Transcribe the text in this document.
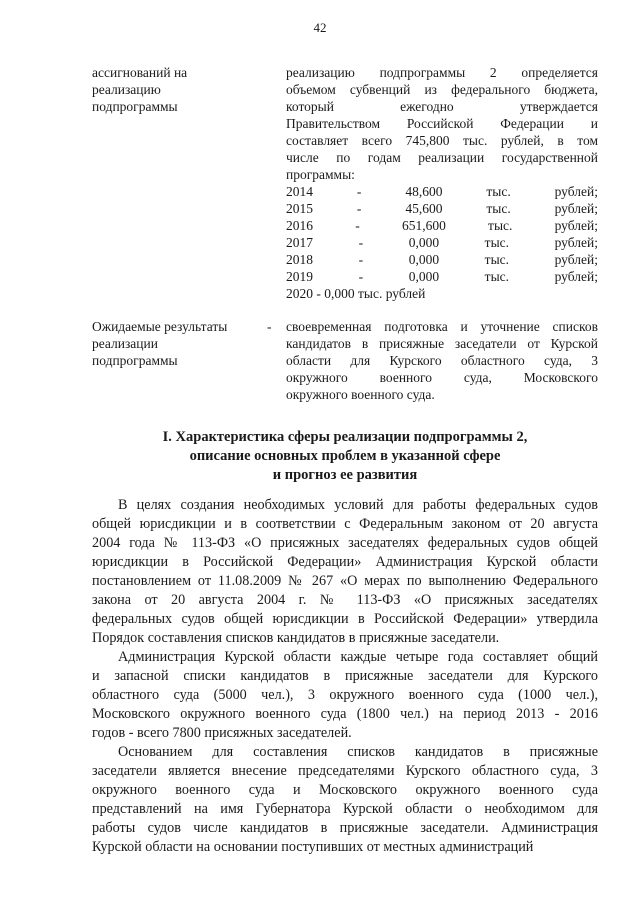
42
ассигнований на
реализацию
подпрограммы
реализацию подпрограммы 2 определяется
объемом субвенций из федерального бюджета,
который ежегодно утверждается
Правительством Российской Федерации и
составляет всего 745,800 тыс. рублей, в том
числе по годам реализации государственной
программы:
2014 - 48,600 тыс. рублей;
2015 - 45,600 тыс. рублей;
2016 - 651,600 тыс. рублей;
2017 - 0,000 тыс. рублей;
2018 - 0,000 тыс. рублей;
2019 - 0,000 тыс. рублей;
2020 - 0,000 тыс. рублей
Ожидаемые результаты
реализации
подпрограммы
- своевременная подготовка и уточнение списков
кандидатов в присяжные заседатели от Курской
области для Курского областного суда, 3
окружного военного суда, Московского
окружного военного суда.
I. Характеристика сферы реализации подпрограммы 2,
описание основных проблем в указанной сфере
и прогноз ее развития

В целях создания необходимых условий для работы федеральных судов
общей юрисдикции и в соответствии с Федеральным законом от 20 августа
2004 года № 113-ФЗ «О присяжных заседателях федеральных судов общей
юрисдикции в Российской Федерации» Администрация Курской области
постановлением от 11.08.2009 № 267 «О мерах по выполнению Федерального
закона от 20 августа 2004 г. № 113-ФЗ «О присяжных заседателях
федеральных судов общей юрисдикции в Российской Федерации» утвердила
Порядок составления списков кандидатов в присяжные заседатели.

Администрация Курской области каждые четыре года составляет общий
и запасной списки кандидатов в присяжные заседатели для Курского
областного суда (5000 чел.), 3 окружного военного суда (1000 чел.),
Московского окружного военного суда (1800 чел.) на период 2013 - 2016
годов - всего 7800 присяжных заседателей.

Основанием для составления списков кандидатов в присяжные
заседатели является внесение председателями Курского областного суда, 3
окружного военного суда и Московского окружного военного суда
представлений на имя Губернатора Курской области о необходимом для
работы судов числе кандидатов в присяжные заседатели. Администрация
Курской области на основании поступивших от местных администраций
